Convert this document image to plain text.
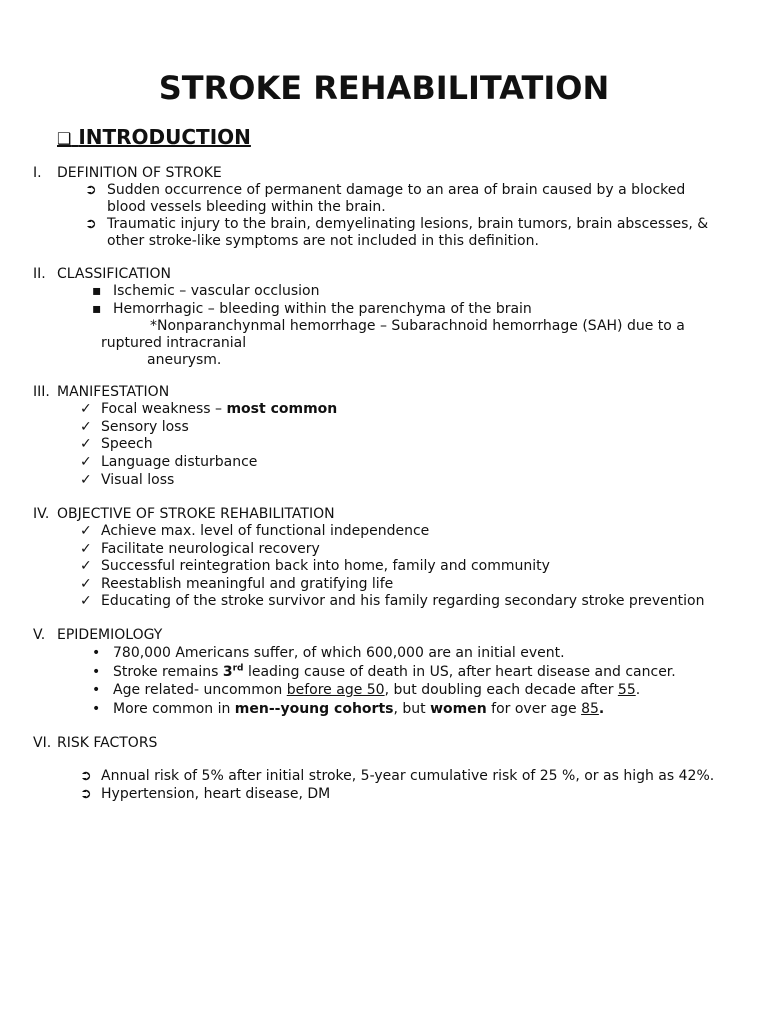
STROKE REHABILITATION
❑ INTRODUCTION
I. DEFINITION OF STROKE
➲ Sudden occurrence of permanent damage to an area of brain caused by a blocked
blood vessels bleeding within the brain.
➲ Traumatic injury to the brain, demyelinating lesions, brain tumors, brain abscesses, &
other stroke-like symptoms are not included in this definition.
II. CLASSIFICATION
▪ Ischemic – vascular occlusion
▪ Hemorrhagic – bleeding within the parenchyma of the brain
*Nonparanchynmal hemorrhage – Subarachnoid hemorrhage (SAH) due to a
ruptured intracranial
aneurysm.
III. MANIFESTATION
✓ Focal weakness – most common
✓ Sensory loss
✓ Speech
✓ Language disturbance
✓ Visual loss
IV. OBJECTIVE OF STROKE REHABILITATION
✓ Achieve max. level of functional independence
✓ Facilitate neurological recovery
✓ Successful reintegration back into home, family and community
✓ Reestablish meaningful and gratifying life
✓ Educating of the stroke survivor and his family regarding secondary stroke prevention
V. EPIDEMIOLOGY
• 780,000 Americans suffer, of which 600,000 are an initial event.
• Stroke remains 3rd leading cause of death in US, after heart disease and cancer.
• Age related- uncommon before age 50, but doubling each decade after 55.
• More common in men--young cohorts, but women for over age 85.
VI. RISK FACTORS
➲ Annual risk of 5% after initial stroke, 5-year cumulative risk of 25 %, or as high as 42%.
➲ Hypertension, heart disease, DM
